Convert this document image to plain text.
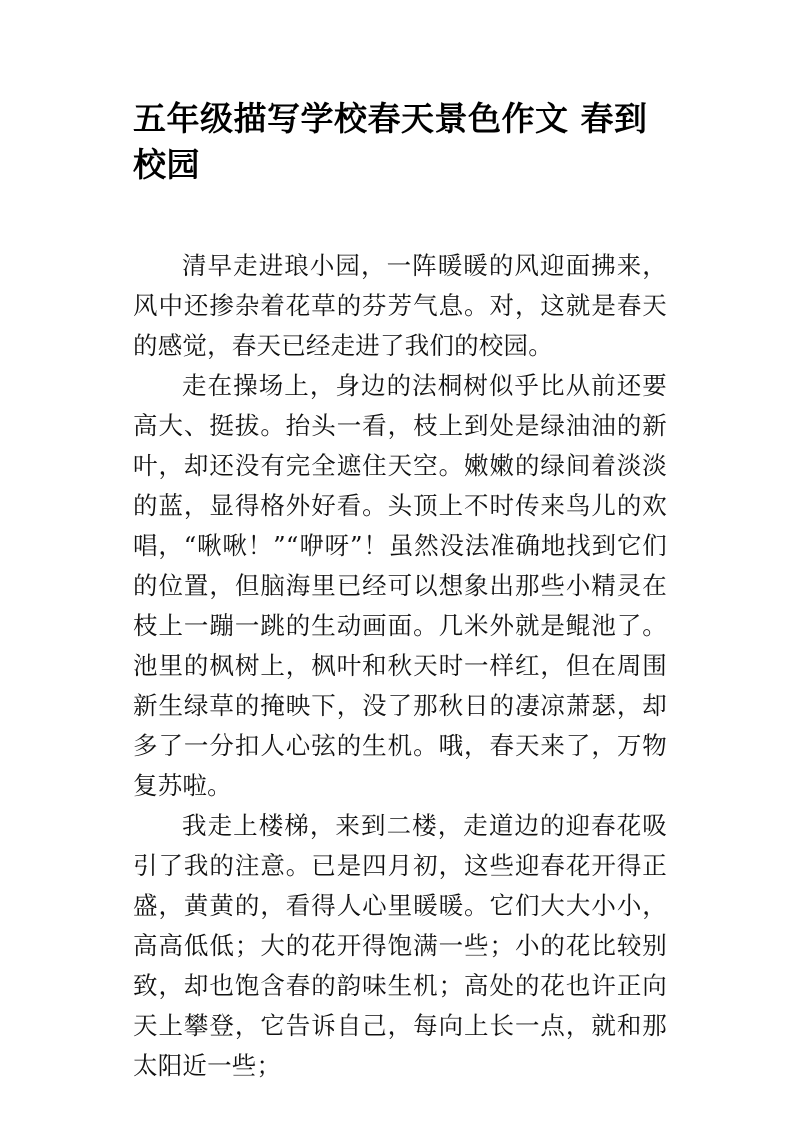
五年级描写学校春天景色作文 春到校园

清早走进琅小园，一阵暖暖的风迎面拂来，风中还掺杂着花草的芬芳气息。对，这就是春天的感觉，春天已经走进了我们的校园。

走在操场上，身边的法桐树似乎比从前还要高大、挺拔。抬头一看，枝上到处是绿油油的新叶，却还没有完全遮住天空。嫩嫩的绿间着淡淡的蓝，显得格外好看。头顶上不时传来鸟儿的欢唱，“啾啾！”“咿呀”！虽然没法准确地找到它们的位置，但脑海里已经可以想象出那些小精灵在枝上一蹦一跳的生动画面。几米外就是鲲池了。池里的枫树上，枫叶和秋天时一样红，但在周围新生绿草的掩映下，没了那秋日的凄凉萧瑟，却多了一分扣人心弦的生机。哦，春天来了，万物复苏啦。

我走上楼梯，来到二楼，走道边的迎春花吸引了我的注意。已是四月初，这些迎春花开得正盛，黄黄的，看得人心里暖暖。它们大大小小，高高低低；大的花开得饱满一些；小的花比较别致，却也饱含春的韵味生机；高处的花也许正向天上攀登，它告诉自己，每向上长一点，就和那太阳近一些；
